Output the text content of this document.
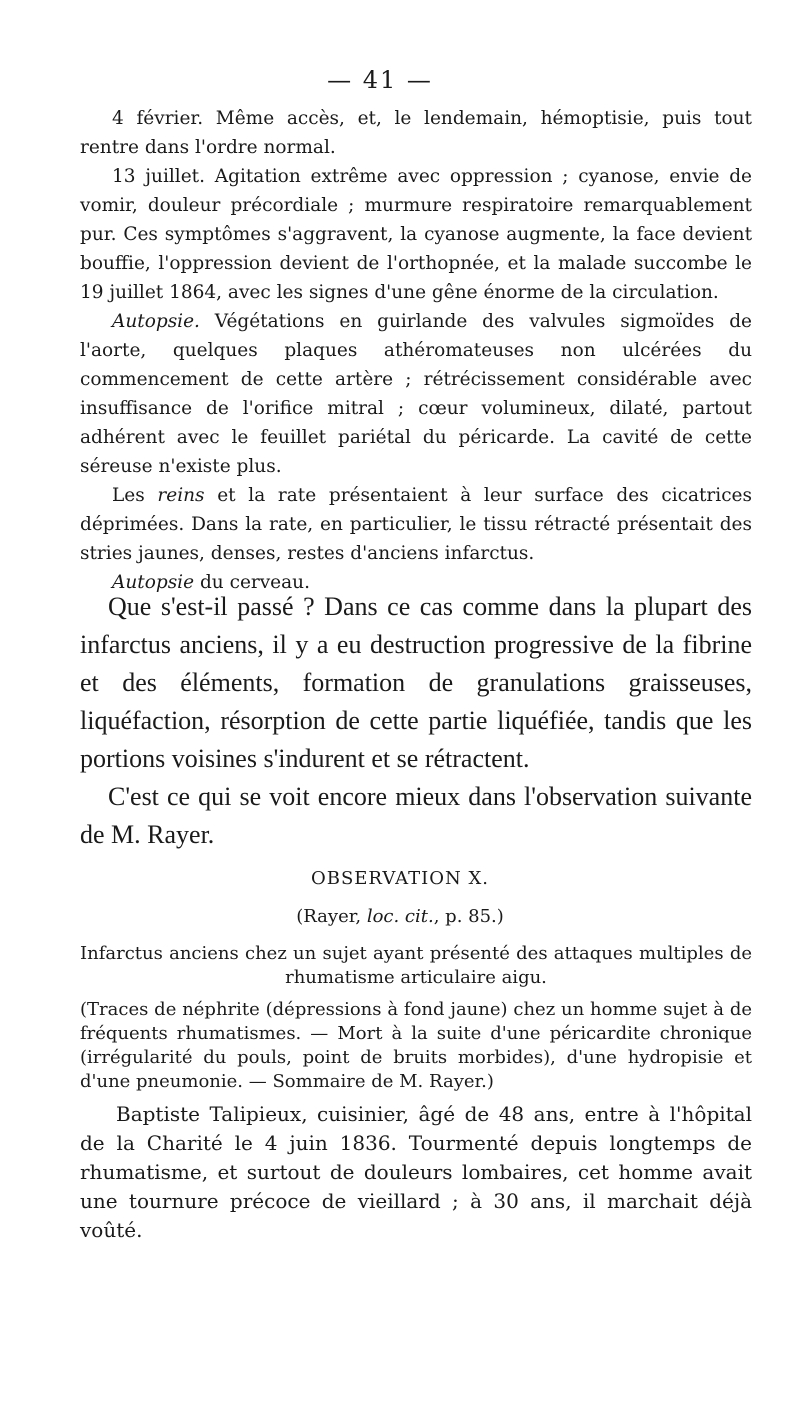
— 41 —

4 février. Même accès, et, le lendemain, hémoptisie, puis tout rentre dans l'ordre normal.

13 juillet. Agitation extrême avec oppression ; cyanose, envie de vomir, douleur précordiale ; murmure respiratoire remarquablement pur. Ces symptômes s'aggravent, la cyanose augmente, la face devient bouffie, l'oppression devient de l'orthopnée, et la malade succombe le 19 juillet 1864, avec les signes d'une gêne énorme de la circulation.

Autopsie. Végétations en guirlande des valvules sigmoïdes de l'aorte, quelques plaques athéromateuses non ulcérées du commencement de cette artère ; rétrécissement considérable avec insuffisance de l'orifice mitral ; cœur volumineux, dilaté, partout adhérent avec le feuillet pariétal du péricarde. La cavité de cette séreuse n'existe plus.

Les reins et la rate présentaient à leur surface des cicatrices déprimées. Dans la rate, en particulier, le tissu rétracté présentait des stries jaunes, denses, restes d'anciens infarctus.

Autopsie du cerveau.

Que s'est-il passé ? Dans ce cas comme dans la plupart des infarctus anciens, il y a eu destruction progressive de la fibrine et des éléments, formation de granulations graisseuses, liquéfaction, résorption de cette partie liquéfiée, tandis que les portions voisines s'indurent et se rétractent.

C'est ce qui se voit encore mieux dans l'observation suivante de M. Rayer.

OBSERVATION X.
(Rayer, loc. cit., p. 85.)
Infarctus anciens chez un sujet ayant présenté des attaques multiples de rhumatisme articulaire aigu.
(Traces de néphrite (dépressions à fond jaune) chez un homme sujet à de fréquents rhumatismes. — Mort à la suite d'une péricardite chronique (irrégularité du pouls, point de bruits morbides), d'une hydropisie et d'une pneumonie. — Sommaire de M. Rayer.)
Baptiste Talipieux, cuisinier, âgé de 48 ans, entre à l'hôpital de la Charité le 4 juin 1836. Tourmenté depuis longtemps de rhumatisme, et surtout de douleurs lombaires, cet homme avait une tournure précoce de vieillard ; à 30 ans, il marchait déjà voûté.
